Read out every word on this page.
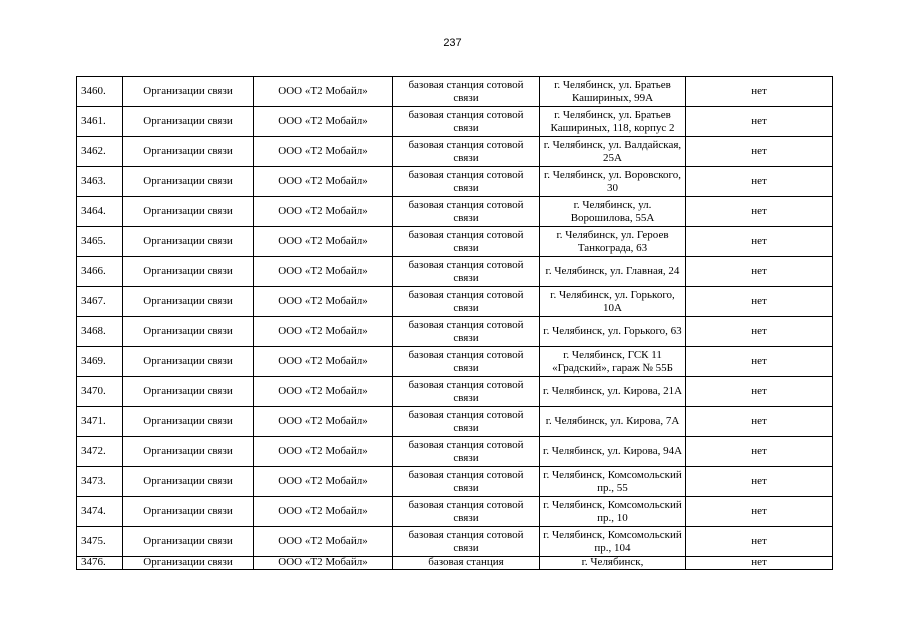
237
3460.	Организации связи	ООО «Т2 Мобайл»	базовая станция сотовой связи	г. Челябинск, ул. Братьев Кашириных, 99А	нет
3461.	Организации связи	ООО «Т2 Мобайл»	базовая станция сотовой связи	г. Челябинск, ул. Братьев Кашириных, 118, корпус 2	нет
3462.	Организации связи	ООО «Т2 Мобайл»	базовая станция сотовой связи	г. Челябинск, ул. Валдайская, 25А	нет
3463.	Организации связи	ООО «Т2 Мобайл»	базовая станция сотовой связи	г. Челябинск, ул. Воровского, 30	нет
3464.	Организации связи	ООО «Т2 Мобайл»	базовая станция сотовой связи	г. Челябинск, ул. Ворошилова, 55А	нет
3465.	Организации связи	ООО «Т2 Мобайл»	базовая станция сотовой связи	г. Челябинск, ул. Героев Танкограда, 63	нет
3466.	Организации связи	ООО «Т2 Мобайл»	базовая станция сотовой связи	г. Челябинск, ул. Главная, 24	нет
3467.	Организации связи	ООО «Т2 Мобайл»	базовая станция сотовой связи	г. Челябинск, ул. Горького, 10А	нет
3468.	Организации связи	ООО «Т2 Мобайл»	базовая станция сотовой связи	г. Челябинск, ул. Горького, 63	нет
3469.	Организации связи	ООО «Т2 Мобайл»	базовая станция сотовой связи	г. Челябинск, ГСК 11 «Градский», гараж № 55Б	нет
3470.	Организации связи	ООО «Т2 Мобайл»	базовая станция сотовой связи	г. Челябинск, ул. Кирова, 21А	нет
3471.	Организации связи	ООО «Т2 Мобайл»	базовая станция сотовой связи	г. Челябинск, ул. Кирова, 7А	нет
3472.	Организации связи	ООО «Т2 Мобайл»	базовая станция сотовой связи	г. Челябинск, ул. Кирова, 94А	нет
3473.	Организации связи	ООО «Т2 Мобайл»	базовая станция сотовой связи	г. Челябинск, Комсомольский пр., 55	нет
3474.	Организации связи	ООО «Т2 Мобайл»	базовая станция сотовой связи	г. Челябинск, Комсомольский пр., 10	нет
3475.	Организации связи	ООО «Т2 Мобайл»	базовая станция сотовой связи	г. Челябинск, Комсомольский пр., 104	нет
3476.	Организации связи	ООО «Т2 Мобайл»	базовая станция	г. Челябинск,	нет
